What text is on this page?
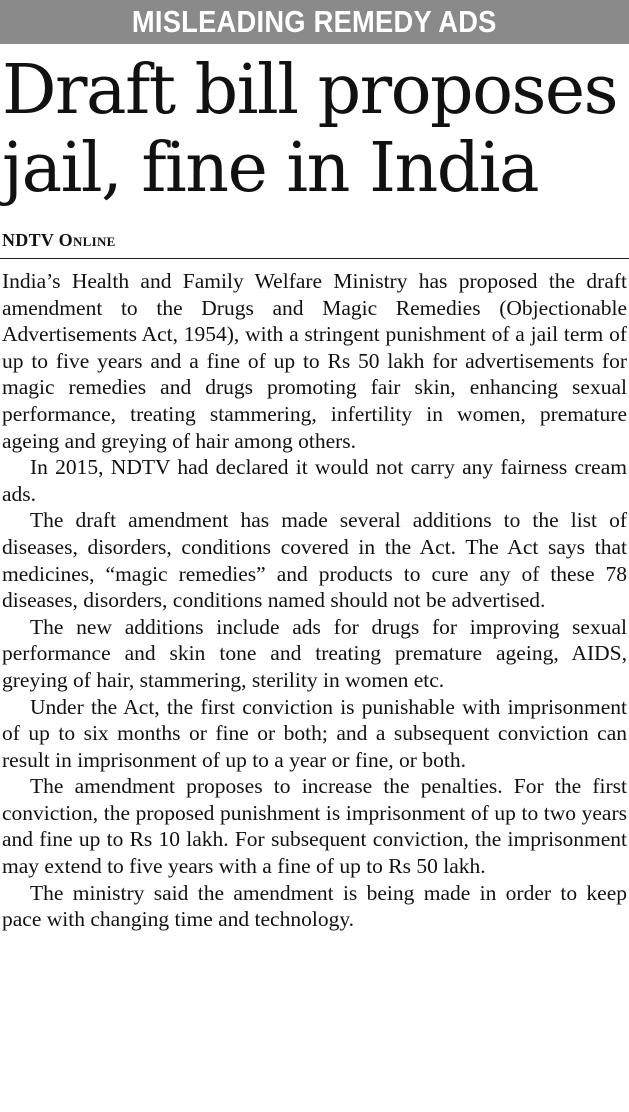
MISLEADING REMEDY ADS
Draft bill proposes
jail, fine in India
NDTV Online

India’s Health and Family Welfare Ministry has proposed the draft amendment to the Drugs and Magic Remedies (Objectionable Advertisements Act, 1954), with a stringent punishment of a jail term of up to five years and a fine of up to Rs 50 lakh for advertisements for magic remedies and drugs promoting fair skin, enhancing sexual performance, treating stammering, infertility in women, premature ageing and greying of hair among others.

In 2015, NDTV had declared it would not carry any fairness cream ads.

The draft amendment has made several additions to the list of diseases, disorders, conditions covered in the Act. The Act says that medicines, “magic remedies” and products to cure any of these 78 diseases, disorders, conditions named should not be advertised.

The new additions include ads for drugs for improving sexual performance and skin tone and treating premature ageing, AIDS, greying of hair, stammering, sterility in women etc.

Under the Act, the first conviction is punishable with imprisonment of up to six months or fine or both; and a subsequent conviction can result in imprisonment of up to a year or fine, or both.

The amendment proposes to increase the penalties. For the first conviction, the proposed punishment is imprisonment of up to two years and fine up to Rs 10 lakh. For subsequent conviction, the imprisonment may extend to five years with a fine of up to Rs 50 lakh.

The ministry said the amendment is being made in order to keep pace with changing time and technology.
